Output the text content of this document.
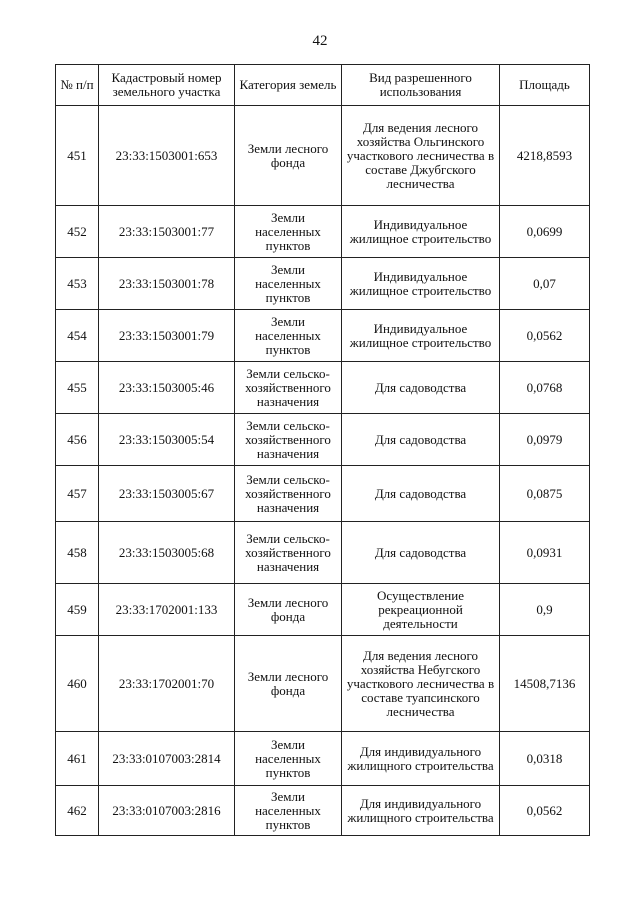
42
№ п/п	Кадастровый номер земельного участка	Категория земель	Вид разрешенного использования	Площадь
451	23:33:1503001:653	Земли лесного фонда	Для ведения лесного хозяйства Ольгинского участкового лесничества в составе Джубгского лесничества	4218,8593
452	23:33:1503001:77	Земли населенных пунктов	Индивидуальное жилищное строительство	0,0699
453	23:33:1503001:78	Земли населенных пунктов	Индивидуальное жилищное строительство	0,07
454	23:33:1503001:79	Земли населенных пунктов	Индивидуальное жилищное строительство	0,0562
455	23:33:1503005:46	Земли сельско-хозяйственного назначения	Для садоводства	0,0768
456	23:33:1503005:54	Земли сельско-хозяйственного назначения	Для садоводства	0,0979
457	23:33:1503005:67	Земли сельско-хозяйственного назначения	Для садоводства	0,0875
458	23:33:1503005:68	Земли сельско-хозяйственного назначения	Для садоводства	0,0931
459	23:33:1702001:133	Земли лесного фонда	Осуществление рекреационной деятельности	0,9
460	23:33:1702001:70	Земли лесного фонда	Для ведения лесного хозяйства Небугского участкового лесничества в составе туапсинского лесничества	14508,7136
461	23:33:0107003:2814	Земли населенных пунктов	Для индивидуального жилищного строительства	0,0318
462	23:33:0107003:2816	Земли населенных пунктов	Для индивидуального жилищного строительства	0,0562
